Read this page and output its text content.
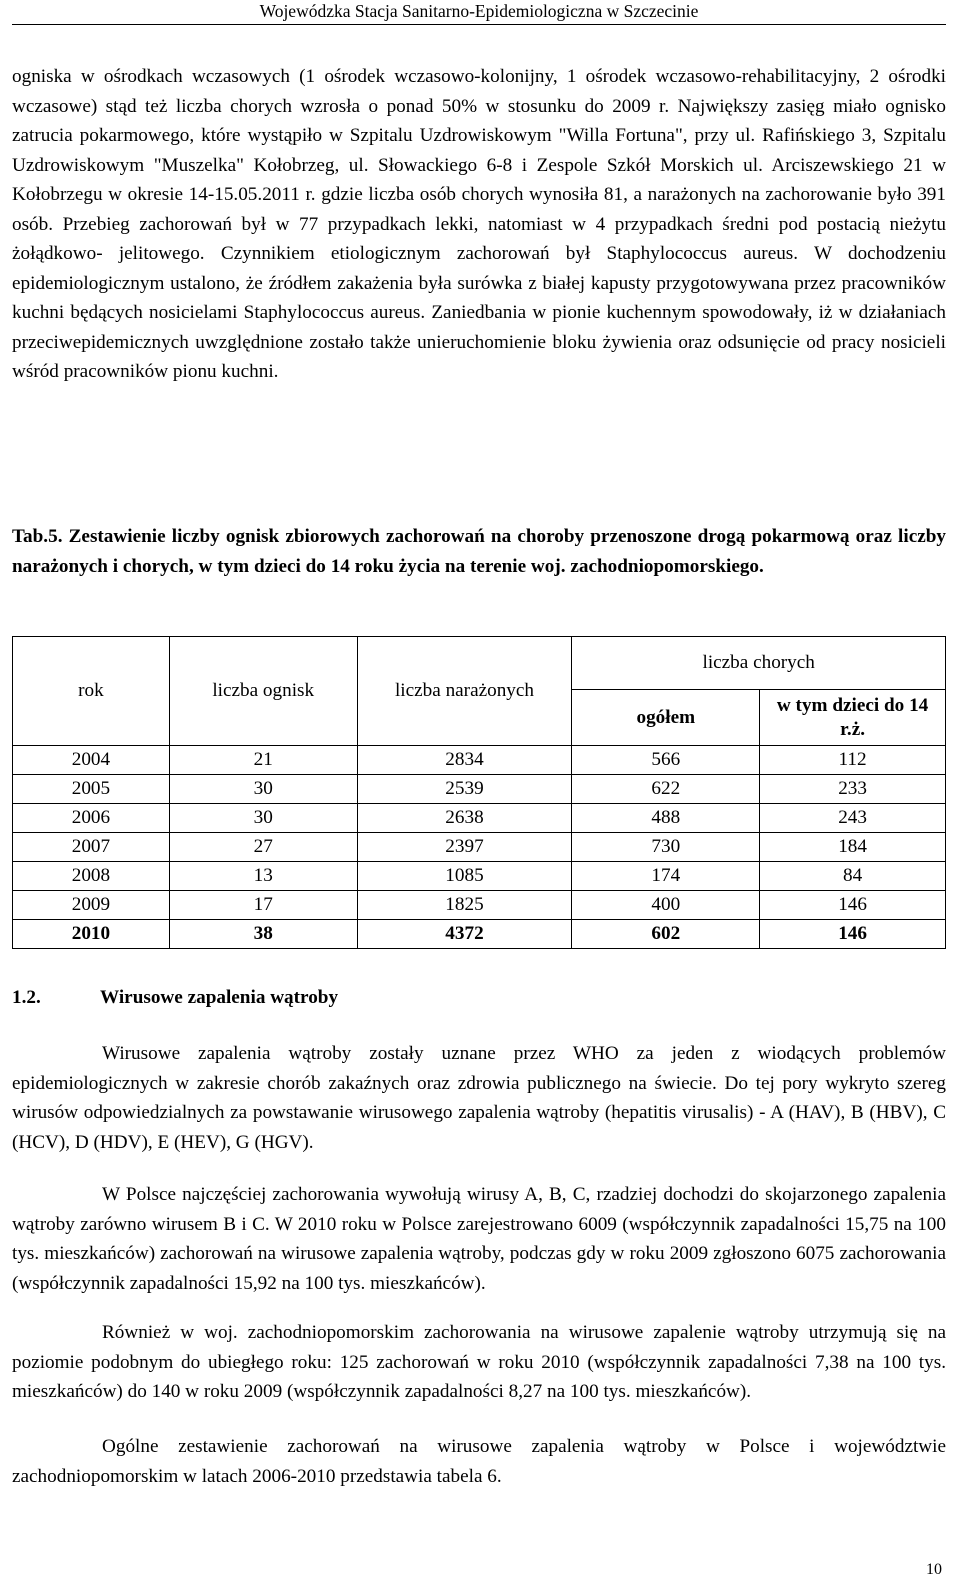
Wojewódzka Stacja Sanitarno-Epidemiologiczna w Szczecinie

ogniska w ośrodkach wczasowych (1 ośrodek wczasowo-kolonijny, 1 ośrodek wczasowo-rehabilitacyjny, 2 ośrodki wczasowe) stąd też liczba chorych wzrosła o ponad 50% w stosunku do 2009 r. Największy zasięg miało ognisko zatrucia pokarmowego, które wystąpiło w Szpitalu Uzdrowiskowym "Willa Fortuna", przy ul. Rafińskiego 3, Szpitalu Uzdrowiskowym "Muszelka" Kołobrzeg, ul. Słowackiego 6-8 i Zespole Szkół Morskich ul. Arciszewskiego 21 w Kołobrzegu w okresie 14-15.05.2011 r. gdzie liczba osób chorych wynosiła 81, a narażonych na zachorowanie było 391 osób. Przebieg zachorowań był w 77 przypadkach lekki, natomiast w 4 przypadkach średni pod postacią nieżytu żołądkowo- jelitowego. Czynnikiem etiologicznym zachorowań był Staphylococcus aureus. W dochodzeniu epidemiologicznym ustalono, że źródłem zakażenia była surówka z białej kapusty przygotowywana przez pracowników kuchni będących nosicielami Staphylococcus aureus. Zaniedbania w pionie kuchennym spowodowały, iż w działaniach przeciwepidemicznych uwzględnione zostało także unieruchomienie bloku żywienia oraz odsunięcie od pracy nosicieli wśród pracowników pionu kuchni.

Tab.5. Zestawienie liczby ognisk zbiorowych zachorowań na choroby przenoszone drogą pokarmową oraz liczby narażonych i chorych, w tym dzieci do 14 roku życia na terenie woj. zachodniopomorskiego.

rok	liczba ognisk	liczba narażonych	liczba chorych	
			ogółem	w tym dzieci do 14 r.ż.
2004	21	2834	566	112
2005	30	2539	622	233
2006	30	2638	488	243
2007	27	2397	730	184
2008	13	1085	174	84
2009	17	1825	400	146
2010	38	4372	602	146
1.2.	Wirusowe zapalenia wątroby

Wirusowe zapalenia wątroby zostały uznane przez WHO za jeden z wiodących problemów epidemiologicznych w zakresie chorób zakaźnych oraz zdrowia publicznego na świecie. Do tej pory wykryto szereg wirusów odpowiedzialnych za powstawanie wirusowego zapalenia wątroby (hepatitis virusalis) - A (HAV), B (HBV), C (HCV), D (HDV), E (HEV), G (HGV).

W Polsce najczęściej zachorowania wywołują wirusy A, B, C, rzadziej dochodzi do skojarzonego zapalenia wątroby zarówno wirusem B i C. W 2010 roku w Polsce zarejestrowano 6009 (współczynnik zapadalności 15,75 na 100 tys. mieszkańców) zachorowań na wirusowe zapalenia wątroby, podczas gdy w roku 2009 zgłoszono 6075 zachorowania (współczynnik zapadalności 15,92 na 100 tys. mieszkańców).

Również w woj. zachodniopomorskim zachorowania na wirusowe zapalenie wątroby utrzymują się na poziomie podobnym do ubiegłego roku: 125 zachorowań w roku 2010 (współczynnik zapadalności 7,38 na 100 tys. mieszkańców) do 140 w roku 2009 (współczynnik zapadalności 8,27 na 100 tys. mieszkańców).

Ogólne zestawienie zachorowań na wirusowe zapalenia wątroby w Polsce i województwie zachodniopomorskim w latach 2006-2010 przedstawia tabela 6.

10
